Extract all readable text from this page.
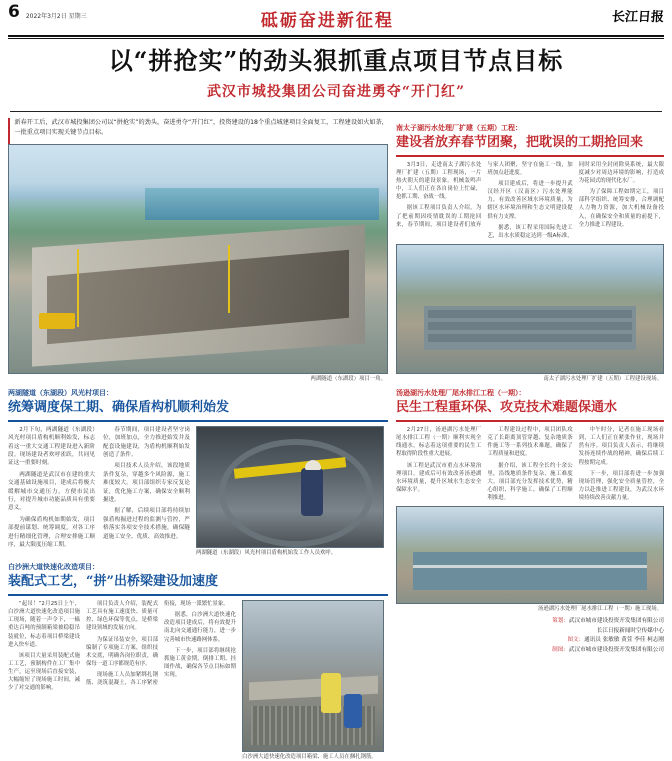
6	2022年3月2日 星期三	砥砺奋进新征程	长江日报
以“拼抢实”的劲头狠抓重点项目节点目标
武汉市城投集团公司奋进勇夺“开门红”

新春开工后，武汉市城投集团公司以“拼抢实”的劲头，奋进勇夺“开门红”，投资建设的18个重点城建项目全面复工，工程建设如火如荼，一批重点项目实现关键节点目标。

两湖隧道（东湖段）项目一角。
两湖隧道（东湖段）风光村项目：
统筹调度保工期、确保盾构机顺利始发

2月下旬，两湖隧道（东湖段）风光村项目盾构机顺利始发，标志着这一重大交通工程建设进入新阶段。现场建设者欢呼雀跃，共同见证这一重要时刻。

两湖隧道是武汉市在建的重大交通基础设施项目，建成后将极大缓解城市交通压力，方便市民出行，对提升城市功能品质具有重要意义。

为确保盾构机如期始发，项目部提前谋划、统筹调度，对各工序进行精细化管理，合理安排施工顺序，最大限度压缩工期。

春节期间，项目建设者坚守岗位，加班加点，全力推进始发井及配套设施建设，为盾构机顺利始发创造了条件。

项目技术人员介绍，该段地质条件复杂，穿越多个风险源，施工难度较大。项目部组织专家反复论证，优化施工方案，确保安全顺利掘进。

据了解，后续项目部将持续加强盾构掘进过程的监测与管控，严格落实各项安全技术措施，确保隧道施工安全、优质、高效推进。

两湖隧道（东湖段）风光村项目盾构机始发工作人员欢呼。
白沙洲大道快速化改造项目：
装配式工艺，“拼”出桥梁建设加速度

“起吊！”2月25日上午，白沙洲大道快速化改造项目施工现场，随着一声令下，一榀重达百吨的预制箱梁被稳稳吊装就位，标志着项目桥梁建设进入快车道。

该项目大量采用装配式施工工艺，预制构件在工厂集中生产，运至现场后直接安装，大幅缩短了现场施工时间，减少了对交通的影响。

项目负责人介绍，装配式工艺具有施工速度快、质量可控、绿色环保等优点，是桥梁建设领域的发展方向。

为保证吊装安全，项目部编制了专项施工方案，组织技术交底，明确各岗位职责，确保每一道工序都规范有序。

现场施工人员加紧绑扎钢筋、浇筑混凝土，各工序紧密衔接，现场一派繁忙景象。

据悉，白沙洲大道快速化改造项目建成后，将有效提升南北向交通通行能力，进一步完善城市快速路网体系。

下一步，项目部将继续抢抓施工黄金期，倒排工期、挂图作战，确保各节点目标如期实现。

白沙洲大道快速化改造项目箱梁、施工人员在捆扎钢筋。
南太子湖污水处理厂扩建（五期）工程：
建设者放弃春节团聚，把耽误的工期抢回来

3月3日，走进南太子湖污水处理厂扩建（五期）工程现场，一片热火朝天的建设景象。机械轰鸣声中，工人们正在各自岗位上忙碌，抢抓工期、奋战一线。

据该工程项目负责人介绍，为了把前期因疫情耽误的工期抢回来，春节期间，项目建设者们放弃与家人团聚，坚守在施工一线，加班加点赶进度。

项目建成后，将进一步提升武汉经开区（汉南区）污水处理能力，有效改善区域水环境质量，为辖区水环境治理和生态文明建设提供有力支撑。

据悉，该工程采用国际先进工艺，出水水质稳定达到一级A标准，同时采用全封闭除臭系统，最大限度减少对周边环境的影响，打造成为花园式的现代化水厂。

为了保障工程如期完工，项目部科学组织、统筹安排，合理调配人力物力资源，加大机械设备投入，在确保安全和质量的前提下，全力推进工程建设。

南太子湖污水处理厂扩建（五期）工程建设现场。
汤逊湖污水处理厂尾水排江工程（一期）：
民生工程重环保、攻克技术难题保通水

2月27日，汤逊湖污水处理厂尾水排江工程（一期）顺利实现全线通水，标志着这项重要的民生工程取得阶段性重大进展。

该工程是武汉市重点水环境治理项目，建成后可有效改善汤逊湖水环境质量，提升区域水生态安全保障水平。

工程建设过程中，项目团队攻克了长距离顶管穿越、复杂地质条件施工等一系列技术难题，确保了工程质量和进度。

据介绍，该工程全长约十余公里，沿线地质条件复杂，施工难度大。项目部充分发挥技术优势，精心组织、科学施工，确保了工程顺利推进。

中午时分，记者在施工现场看到，工人们正在紧张作业，现场井然有序。项目负责人表示，将继续发扬连续作战的精神，确保后续工程按期完成。

下一步，项目部将进一步加强现场管理，强化安全质量管控，全力以赴推进工程建设，为武汉水环境持续改善贡献力量。

汤逊湖污水处理厂尾水排江工程（一期）施工现场。
策划：武汉市城市建设投资开发集团有限公司
长江日报新闻时空传媒中心
图文：通讯员 张敏敏 黄萱 李佳 柯志刚
制图：武汉市城市建设投资开发集团有限公司
